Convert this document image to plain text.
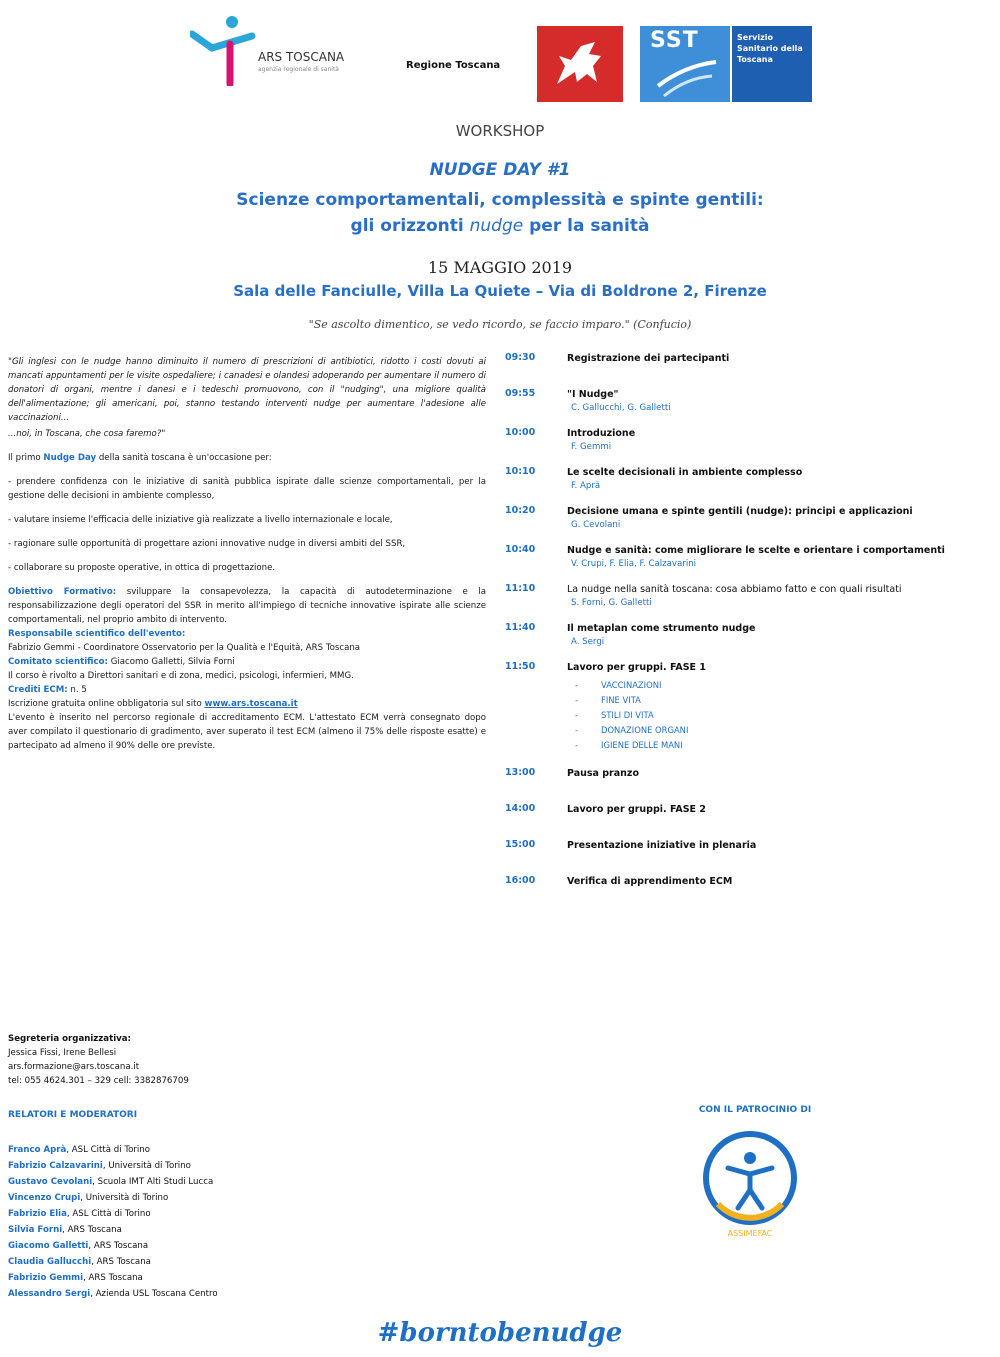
ARS TOSCANA
agenzia regionale di sanità	Regione Toscana
SST	Servizio Sanitario della Toscana
WORKSHOP
NUDGE DAY #1
Scienze comportamentali, complessità e spinte gentili:
gli orizzonti nudge per la sanità
15 MAGGIO 2019
Sala delle Fanciulle, Villa La Quiete – Via di Boldrone 2, Firenze
"Se ascolto dimentico, se vedo ricordo, se faccio imparo." (Confucio)

"Gli inglesi con le nudge hanno diminuito il numero di prescrizioni di antibiotici, ridotto i costi dovuti ai mancati appuntamenti per le visite ospedaliere; i canadesi e olandesi adoperando per aumentare il numero di donatori di organi, mentre i danesi e i tedeschi promuovono, con il "nudging", una migliore qualità dell'alimentazione; gli americani, poi, stanno testando interventi nudge per aumentare l'adesione alle vaccinazioni...

...noi, in Toscana, che cosa faremo?"

Il primo Nudge Day della sanità toscana è un'occasione per:

- prendere confidenza con le iniziative di sanità pubblica ispirate dalle scienze comportamentali, per la gestione delle decisioni in ambiente complesso,

- valutare insieme l'efficacia delle iniziative già realizzate a livello internazionale e locale,

- ragionare sulle opportunità di progettare azioni innovative nudge in diversi ambiti del SSR,

- collaborare su proposte operative, in ottica di progettazione.

Obiettivo Formativo: sviluppare la consapevolezza, la capacità di autodeterminazione e la responsabilizzazione degli operatori del SSR in merito all'impiego di tecniche innovative ispirate alle scienze comportamentali, nel proprio ambito di intervento.

Responsabile scientifico dell'evento:
Fabrizio Gemmi - Coordinatore Osservatorio per la Qualità e l'Equità, ARS Toscana

Comitato scientifico: Giacomo Galletti, Silvia Forni

Il corso è rivolto a Direttori sanitari e di zona, medici, psicologi, infermieri, MMG.

Crediti ECM: n. 5

Iscrizione gratuita online obbligatoria sul sito www.ars.toscana.it

L'evento è inserito nel percorso regionale di accreditamento ECM. L'attestato ECM verrà consegnato dopo aver compilato il questionario di gradimento, aver superato il test ECM (almeno il 75% delle risposte esatte) e partecipato ad almeno il 90% delle ore previste.

Segreteria organizzativa:
Jessica Fissi, Irene Bellesi
ars.formazione@ars.toscana.it
tel: 055 4624.301 – 329 cell: 3382876709
RELATORI E MODERATORI
Franco Aprà, ASL Città di Torino
Fabrizio Calzavarini, Università di Torino
Gustavo Cevolani, Scuola IMT Alti Studi Lucca
Vincenzo Crupi, Università di Torino
Fabrizio Elia, ASL Città di Torino
Silvia Forni, ARS Toscana
Giacomo Galletti, ARS Toscana
Claudia Gallucchi, ARS Toscana
Fabrizio Gemmi, ARS Toscana
Alessandro Sergi, Azienda USL Toscana Centro
09:30	Registrazione dei partecipanti
09:55	"I Nudge"
C. Gallucchi, G. Galletti
10:00	Introduzione
F. Gemmi
10:10	Le scelte decisionali in ambiente complesso
F. Aprà
10:20	Decisione umana e spinte gentili (nudge): principi e applicazioni
G. Cevolani
10:40	Nudge e sanità: come migliorare le scelte e orientare i comportamenti
V. Crupi, F. Elia, F. Calzavarini
11:10	La nudge nella sanità toscana: cosa abbiamo fatto e con quali risultati
S. Forni, G. Galletti
11:40	Il metaplan come strumento nudge
A. Sergi
11:50	Lavoro per gruppi. FASE 1
- VACCINAZIONI
- FINE VITA
- STILI DI VITA
- DONAZIONE ORGANI
- IGIENE DELLE MANI
13:00	Pausa pranzo
14:00	Lavoro per gruppi. FASE 2
15:00	Presentazione iniziative in plenaria
16:00	Verifica di apprendimento ECM
CON IL PATROCINIO DI
ASSIMEFAC
#borntobenudge
